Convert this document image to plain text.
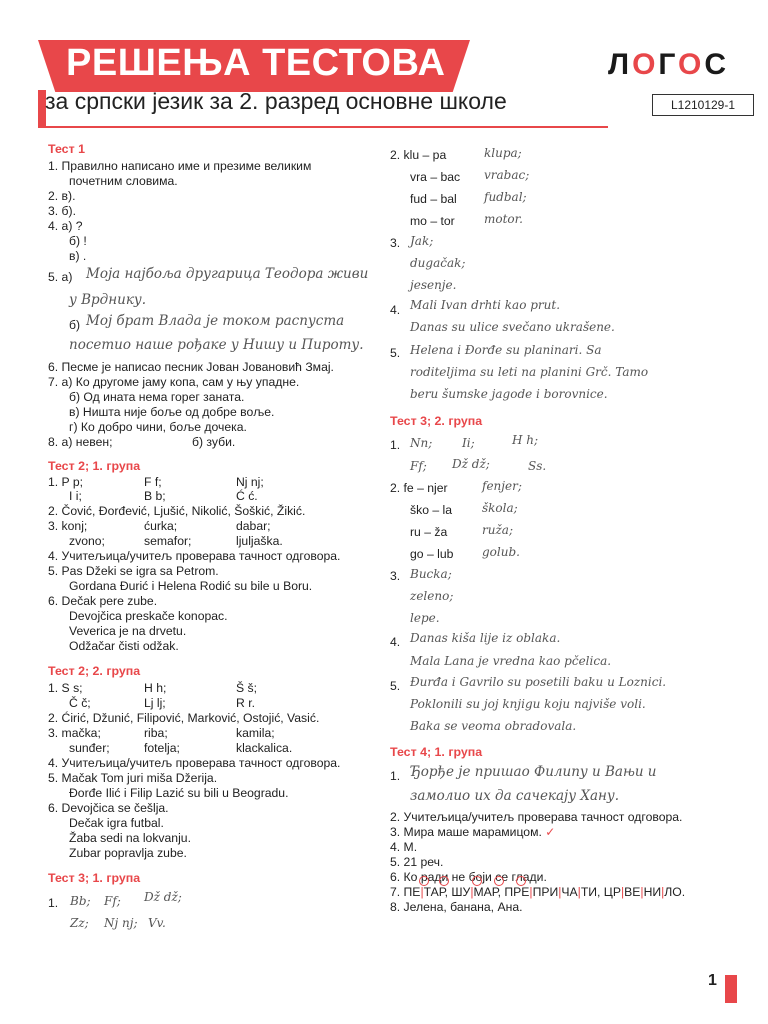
РЕШЕЊА ТЕСТОВА
за српски језик за 2. разред основне школе
ЛОГОС
L1210129-1
Тест 1
1. Правилно написано име и презиме великим
почетним словима.
2. в).
3. б).
4. а) ?
б) !
в) .
5. а) Моја најбоља другарица Теодора живи
у Врднику.
б) Мој брат Влада је током распуста
посетио наше рођаке у Нишу и Пироту.
6. Песме је написао песник Јован Јовановић Змај.
7. а) Ко другоме јаму копа, сам у њу упадне.
б) Од ината нема горег заната.
в) Ништа није боље од добре воље.
г) Ко добро чини, боље дочека.
8. а) невен;	б) зуби.
Тест 2; 1. група
1. P p;	F f;	Nj nj;
I i;	B b;	Ć ć.
2. Čović, Đorđević, Ljušić, Nikolić, Šoškić, Žikić.
3. konj;	ćurka;	dabar;
zvono;	semafor;	ljuljaška.
4. Учитељица/учитељ проверава тачност одговора.
5. Pas Džeki se igra sa Petrom.
Gordana Đurić i Helena Rodić su bile u Boru.
6. Dečak pere zube.
Devojčica preskače konopac.
Veverica je na drvetu.
Odžačar čisti odžak.
Тест 2; 2. група
1. S s;	H h;	Š š;
Č č;	Lj lj;	R r.
2. Ćirić, Džunić, Filipović, Marković, Ostojić, Vasić.
3. mačka;	riba;	kamila;
sunđer;	fotelja;	klackalica.
4. Учитељица/учитељ проверава тачност одговора.
5. Mačak Tom juri miša Džerija.
Đorđe Ilić i Filip Lazić su bili u Beogradu.
6. Devojčica se češlja.
Dečak igra futbal.
Žaba sedi na lokvanju.
Zubar popravlja zube.
Тест 3; 1. група
1. Bb; Ff; Dž dž;
Zz; Nj nj; Vv.
2. klu – pa	klupa;
vra – bac vrabac;
fud – bal fudbal;
mo – tor motor.
3. Jak;
dugačak;
jesenje.
4. Mali Ivan drhti kao prut.
Danas su ulice svečano ukrašene.
5. Helena i Đorđe su planinari. Sa
roditeljima su leti na planini Grč. Tamo
beru šumske jagode i borovnice.
Тест 3; 2. група
1. Nn; Ii;	H h;
Ff; Dž dž;	Ss.
2. fe – njer	fenjer;
ško – la škola;
ru – ža	ruža;
go – lub golub.
3. Bucka;
zeleno;
lepe.
4. Danas kiša lije iz oblaka.
Mala Lana je vredna kao pčelica.
5. Đurđa i Gavrilo su posetili baku u Loznici.
Poklonili su joj knjigu koju najviše voli.
Baka se veoma obradovala.
Тест 4; 1. група
1. Ђорђе је пришао Филипу и Вањи и
замолио их да сачекају Хану.
2. Учитељица/учитељ проверава тачност одговора.
3. Мира маше марамицом. ✓
4. М.
5. 21 реч.
6. Ко ради не боји се глади.
7. ПЕ|ТАР, ШУ|МАР, ПРЕ|ПРИ|ЧА|ТИ, ЦР|ВЕ|НИ|ЛО.
8. Јелена, банана, Ана.
1
